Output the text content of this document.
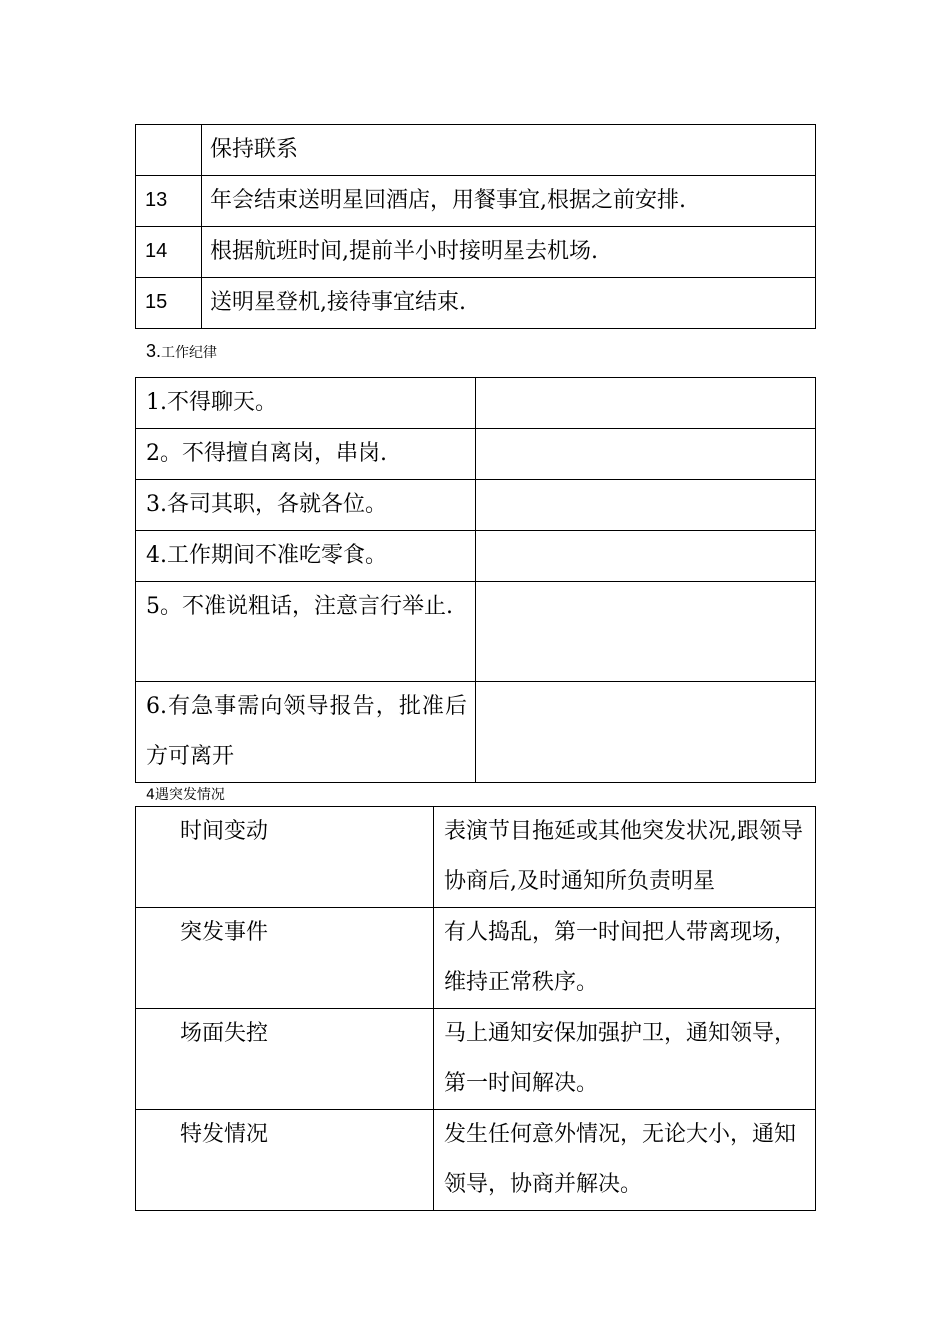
	保持联系
13	年会结束送明星回酒店，用餐事宜,根据之前安排.
14	根据航班时间,提前半小时接明星去机场.
15	送明星登机,接待事宜结束.
3.工作纪律
1.不得聊天。	
2。不得擅自离岗，串岗.	
3.各司其职，各就各位。	
4.工作期间不准吃零食。	
5。不准说粗话，注意言行举止.	
6.有急事需向领导报告，批准后方可离开	
4遇突发情况
时间变动	表演节目拖延或其他突发状况,跟领导协商后,及时通知所负责明星
突发事件	有人捣乱，第一时间把人带离现场，维持正常秩序。
场面失控	马上通知安保加强护卫，通知领导，第一时间解决。
特发情况	发生任何意外情况，无论大小，通知领导，协商并解决。
